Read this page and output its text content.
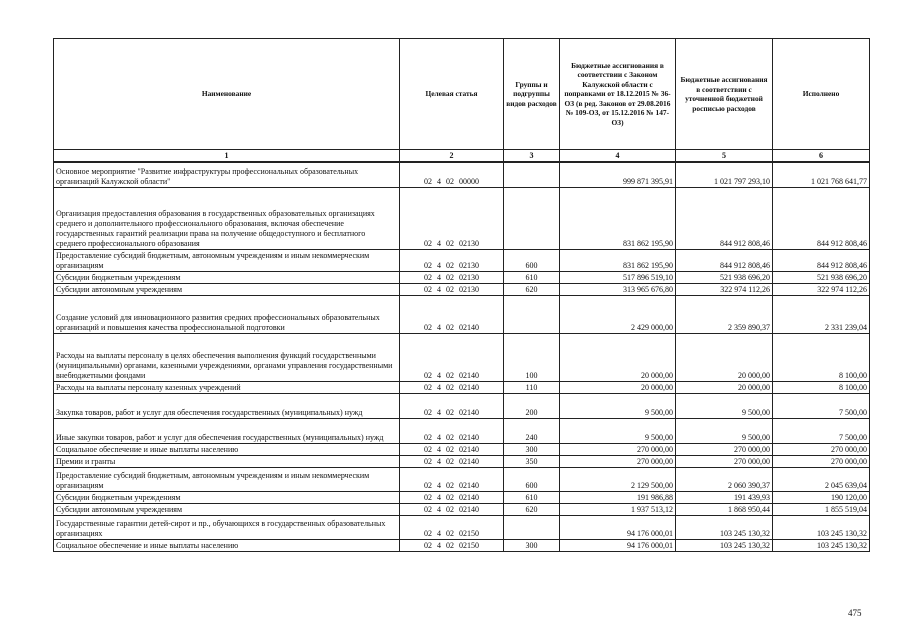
Наименование	Целевая статья	Группы и подгруппы видов расходов	Бюджетные ассигнования в соответствии с Законом Калужской области с поправками от 18.12.2015 № 36-ОЗ (в ред. Законов от 29.08.2016 № 109-ОЗ, от 15.12.2016 № 147-ОЗ)	Бюджетные ассигнования в соответствии с уточненной бюджетной росписью расходов	Исполнено
1	2	3	4	5	6
Основное мероприятие "Развитие инфраструктуры профессиональных образовательных организаций Калужской области"	02 4 02 00000		999 871 395,91	1 021 797 293,10	1 021 768 641,77
Организация предоставления образования в государственных образовательных организациях среднего и дополнительного профессионального образования, включая обеспечение государственных гарантий реализации права на получение общедоступного и бесплатного среднего профессионального образования	02 4 02 02130		831 862 195,90	844 912 808,46	844 912 808,46
Предоставление субсидий бюджетным, автономным учреждениям и иным некоммерческим организациям	02 4 02 02130	600	831 862 195,90	844 912 808,46	844 912 808,46
Субсидии бюджетным учреждениям	02 4 02 02130	610	517 896 519,10	521 938 696,20	521 938 696,20
Субсидии автономным учреждениям	02 4 02 02130	620	313 965 676,80	322 974 112,26	322 974 112,26
Создание условий для инновационного развития средних профессиональных образовательных организаций и повышения качества профессиональной подготовки	02 4 02 02140		2 429 000,00	2 359 890,37	2 331 239,04
Расходы на выплаты персоналу в целях обеспечения выполнения функций государственными (муниципальными) органами, казенными учреждениями, органами управления государственными внебюджетными фондами	02 4 02 02140	100	20 000,00	20 000,00	8 100,00
Расходы на выплаты персоналу казенных учреждений	02 4 02 02140	110	20 000,00	20 000,00	8 100,00
Закупка товаров, работ и услуг для обеспечения государственных (муниципальных) нужд	02 4 02 02140	200	9 500,00	9 500,00	7 500,00
Иные закупки товаров, работ и услуг для обеспечения государственных (муниципальных) нужд	02 4 02 02140	240	9 500,00	9 500,00	7 500,00
Социальное обеспечение и иные выплаты населению	02 4 02 02140	300	270 000,00	270 000,00	270 000,00
Премии и гранты	02 4 02 02140	350	270 000,00	270 000,00	270 000,00
Предоставление субсидий бюджетным, автономным учреждениям и иным некоммерческим организациям	02 4 02 02140	600	2 129 500,00	2 060 390,37	2 045 639,04
Субсидии бюджетным учреждениям	02 4 02 02140	610	191 986,88	191 439,93	190 120,00
Субсидии автономным учреждениям	02 4 02 02140	620	1 937 513,12	1 868 950,44	1 855 519,04
Государственные гарантии детей-сирот и пр., обучающихся в государственных образовательных организациях	02 4 02 02150		94 176 000,01	103 245 130,32	103 245 130,32
Социальное обеспечение и иные выплаты населению	02 4 02 02150	300	94 176 000,01	103 245 130,32	103 245 130,32
475
